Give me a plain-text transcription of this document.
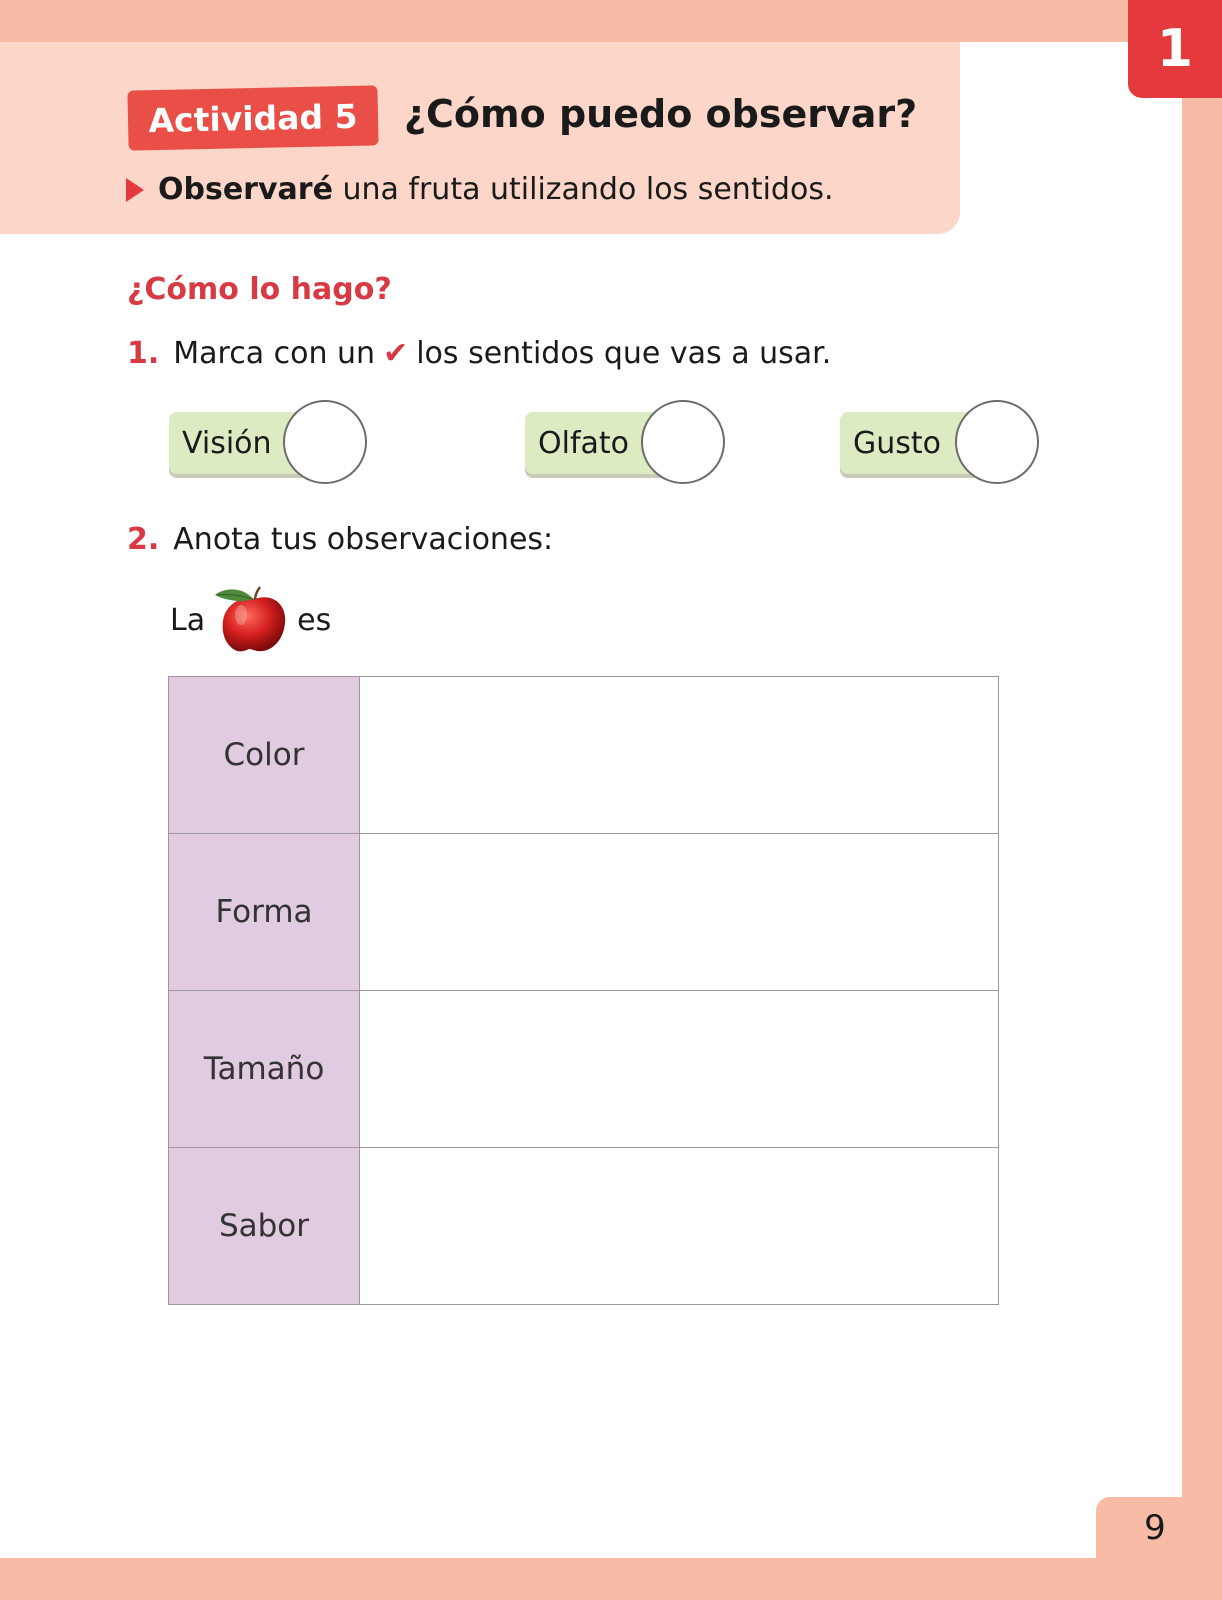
1
Actividad 5	¿Cómo puedo observar?
Observaré una fruta utilizando los sentidos.
¿Cómo lo hago?
1. Marca con un ✔ los sentidos que vas a usar.
Visión	Olfato	Gusto
2. Anota tus observaciones:
La	es
Color	
Forma	
Tamaño	
Sabor	
9
